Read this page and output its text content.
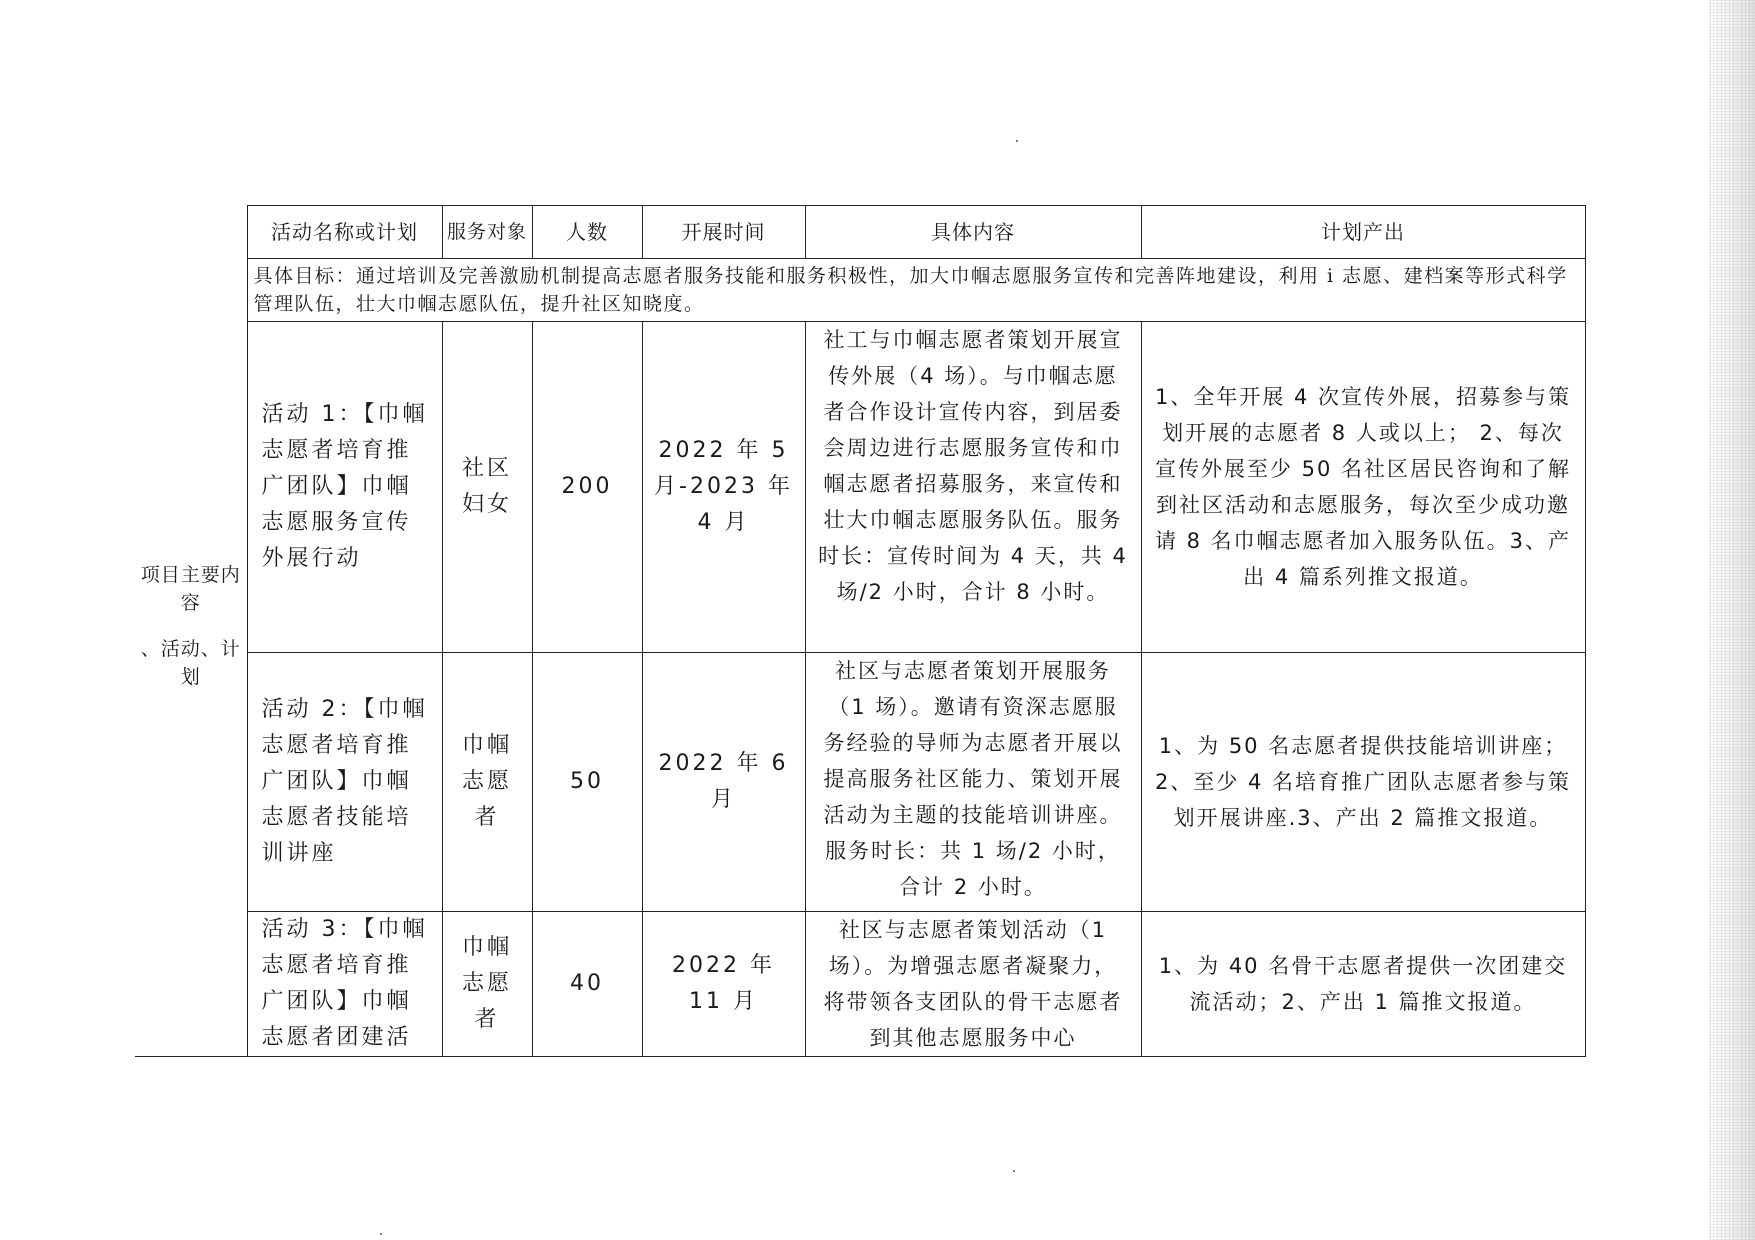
项目主要内容
、活动、计划	活动名称或计划	服务对象	人数	开展时间	具体内容	计划产出
	具体目标：通过培训及完善激励机制提高志愿者服务技能和服务积极性，加大巾帼志愿服务宣传和完善阵地建设，利用 i 志愿、建档案等形式科学管理队伍，壮大巾帼志愿队伍，提升社区知晓度。					
	活动 1：【巾帼志愿者培育推广团队】巾帼志愿服务宣传外展行动	社区妇女	200	2022 年 5 月-2023 年 4 月	社工与巾帼志愿者策划开展宣传外展（4 场）。与巾帼志愿者合作设计宣传内容，到居委会周边进行志愿服务宣传和巾帼志愿者招募服务，来宣传和壮大巾帼志愿服务队伍。服务时长：宣传时间为 4 天，共 4 场/2 小时，合计 8 小时。	1、全年开展 4 次宣传外展，招募参与策划开展的志愿者 8 人或以上； 2、每次宣传外展至少 50 名社区居民咨询和了解到社区活动和志愿服务，每次至少成功邀请 8 名巾帼志愿者加入服务队伍。3、产出 4 篇系列推文报道。
	活动 2：【巾帼志愿者培育推广团队】巾帼志愿者技能培训讲座	巾帼志愿者	50	2022 年 6 月	社区与志愿者策划开展服务（1 场）。邀请有资深志愿服务经验的导师为志愿者开展以提高服务社区能力、策划开展活动为主题的技能培训讲座。服务时长：共 1 场/2 小时，合计 2 小时。	1、为 50 名志愿者提供技能培训讲座；2、至少 4 名培育推广团队志愿者参与策划开展讲座.3、产出 2 篇推文报道。

	活动 3：【巾帼志愿者培育推广团队】巾帼志愿者团建活	巾帼志愿者	40	2022 年 11 月	社区与志愿者策划活动（1 场）。为增强志愿者凝聚力，将带领各支团队的骨干志愿者到其他志愿服务中心	1、为 40 名骨干志愿者提供一次团建交流活动；2、产出 1 篇推文报道。
